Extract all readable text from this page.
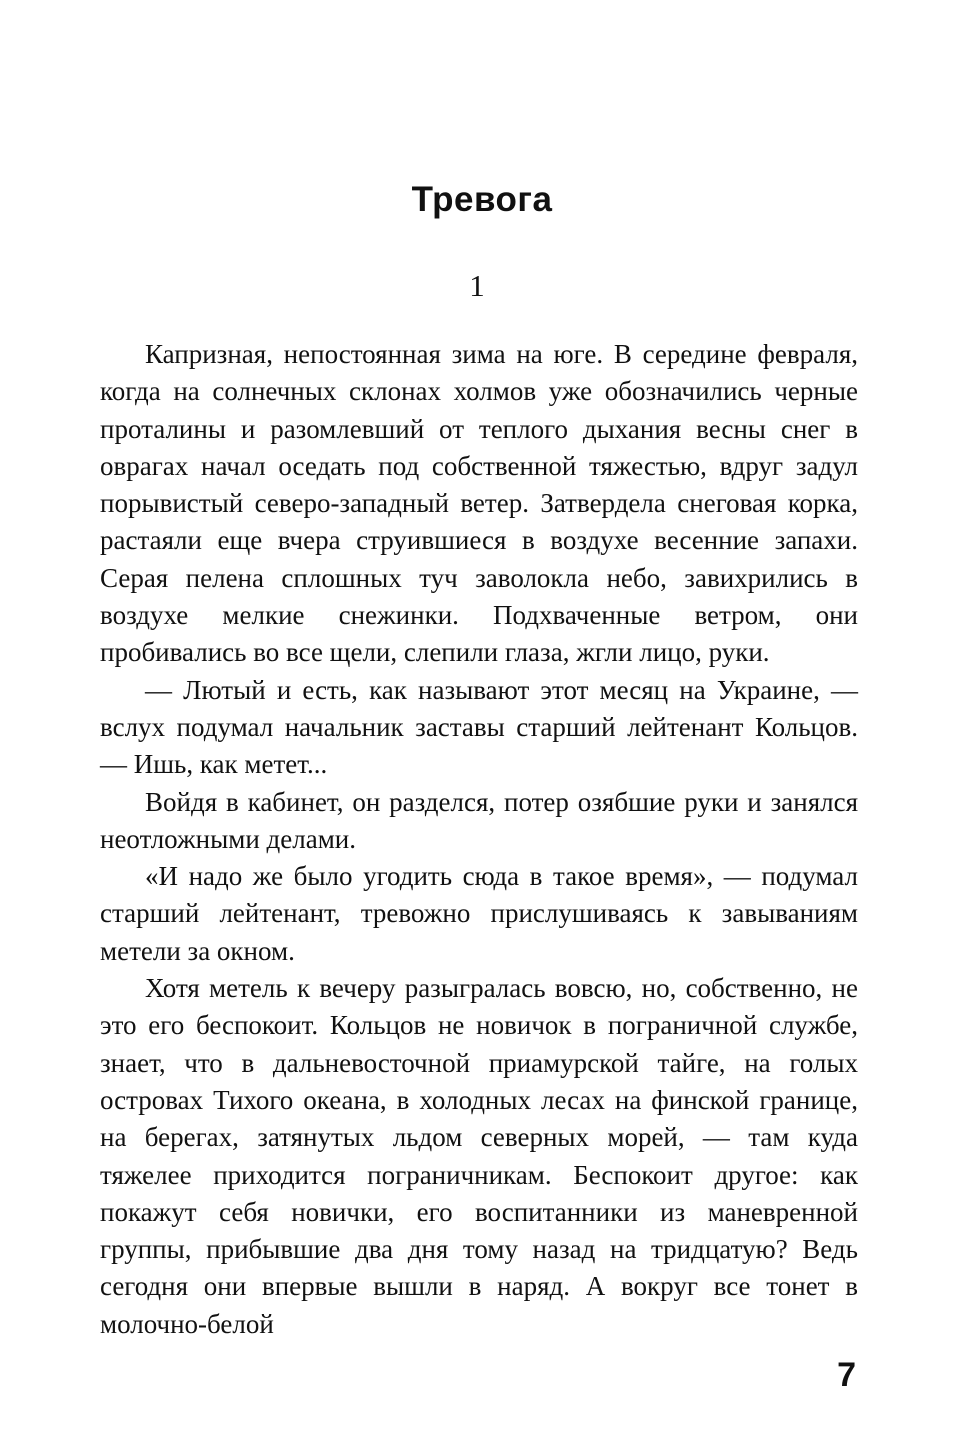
Тревога
1

Капризная, непостоянная зима на юге. В середине февраля, когда на солнечных склонах холмов уже обозначились черные проталины и разомлевший от теплого дыхания весны снег в оврагах начал оседать под собственной тяжестью, вдруг задул порывистый северо-западный ветер. Затвердела снеговая корка, растаяли еще вчера струившиеся в воздухе весенние запахи. Серая пелена сплошных туч заволокла небо, завихрились в воздухе мелкие снежинки. Подхваченные ветром, они пробивались во все щели, слепили глаза, жгли лицо, руки.

— Лютый и есть, как называют этот месяц на Украине, — вслух подумал начальник заставы старший лейтенант Кольцов. — Ишь, как метет...

Войдя в кабинет, он разделся, потер озябшие руки и занялся неотложными делами.

«И надо же было угодить сюда в такое время», — подумал старший лейтенант, тревожно прислушиваясь к завываниям метели за окном.

Хотя метель к вечеру разыгралась вовсю, но, собственно, не это его беспокоит. Кольцов не новичок в пограничной службе, знает, что в дальневосточной приамурской тайге, на голых островах Тихого океана, в холодных лесах на финской границе, на берегах, затянутых льдом северных морей, — там куда тяжелее приходится пограничникам. Беспокоит другое: как покажут себя новички, его воспитанники из маневренной группы, прибывшие два дня тому назад на тридцатую? Ведь сегодня они впервые вышли в наряд. А вокруг все тонет в молочно-белой

7
